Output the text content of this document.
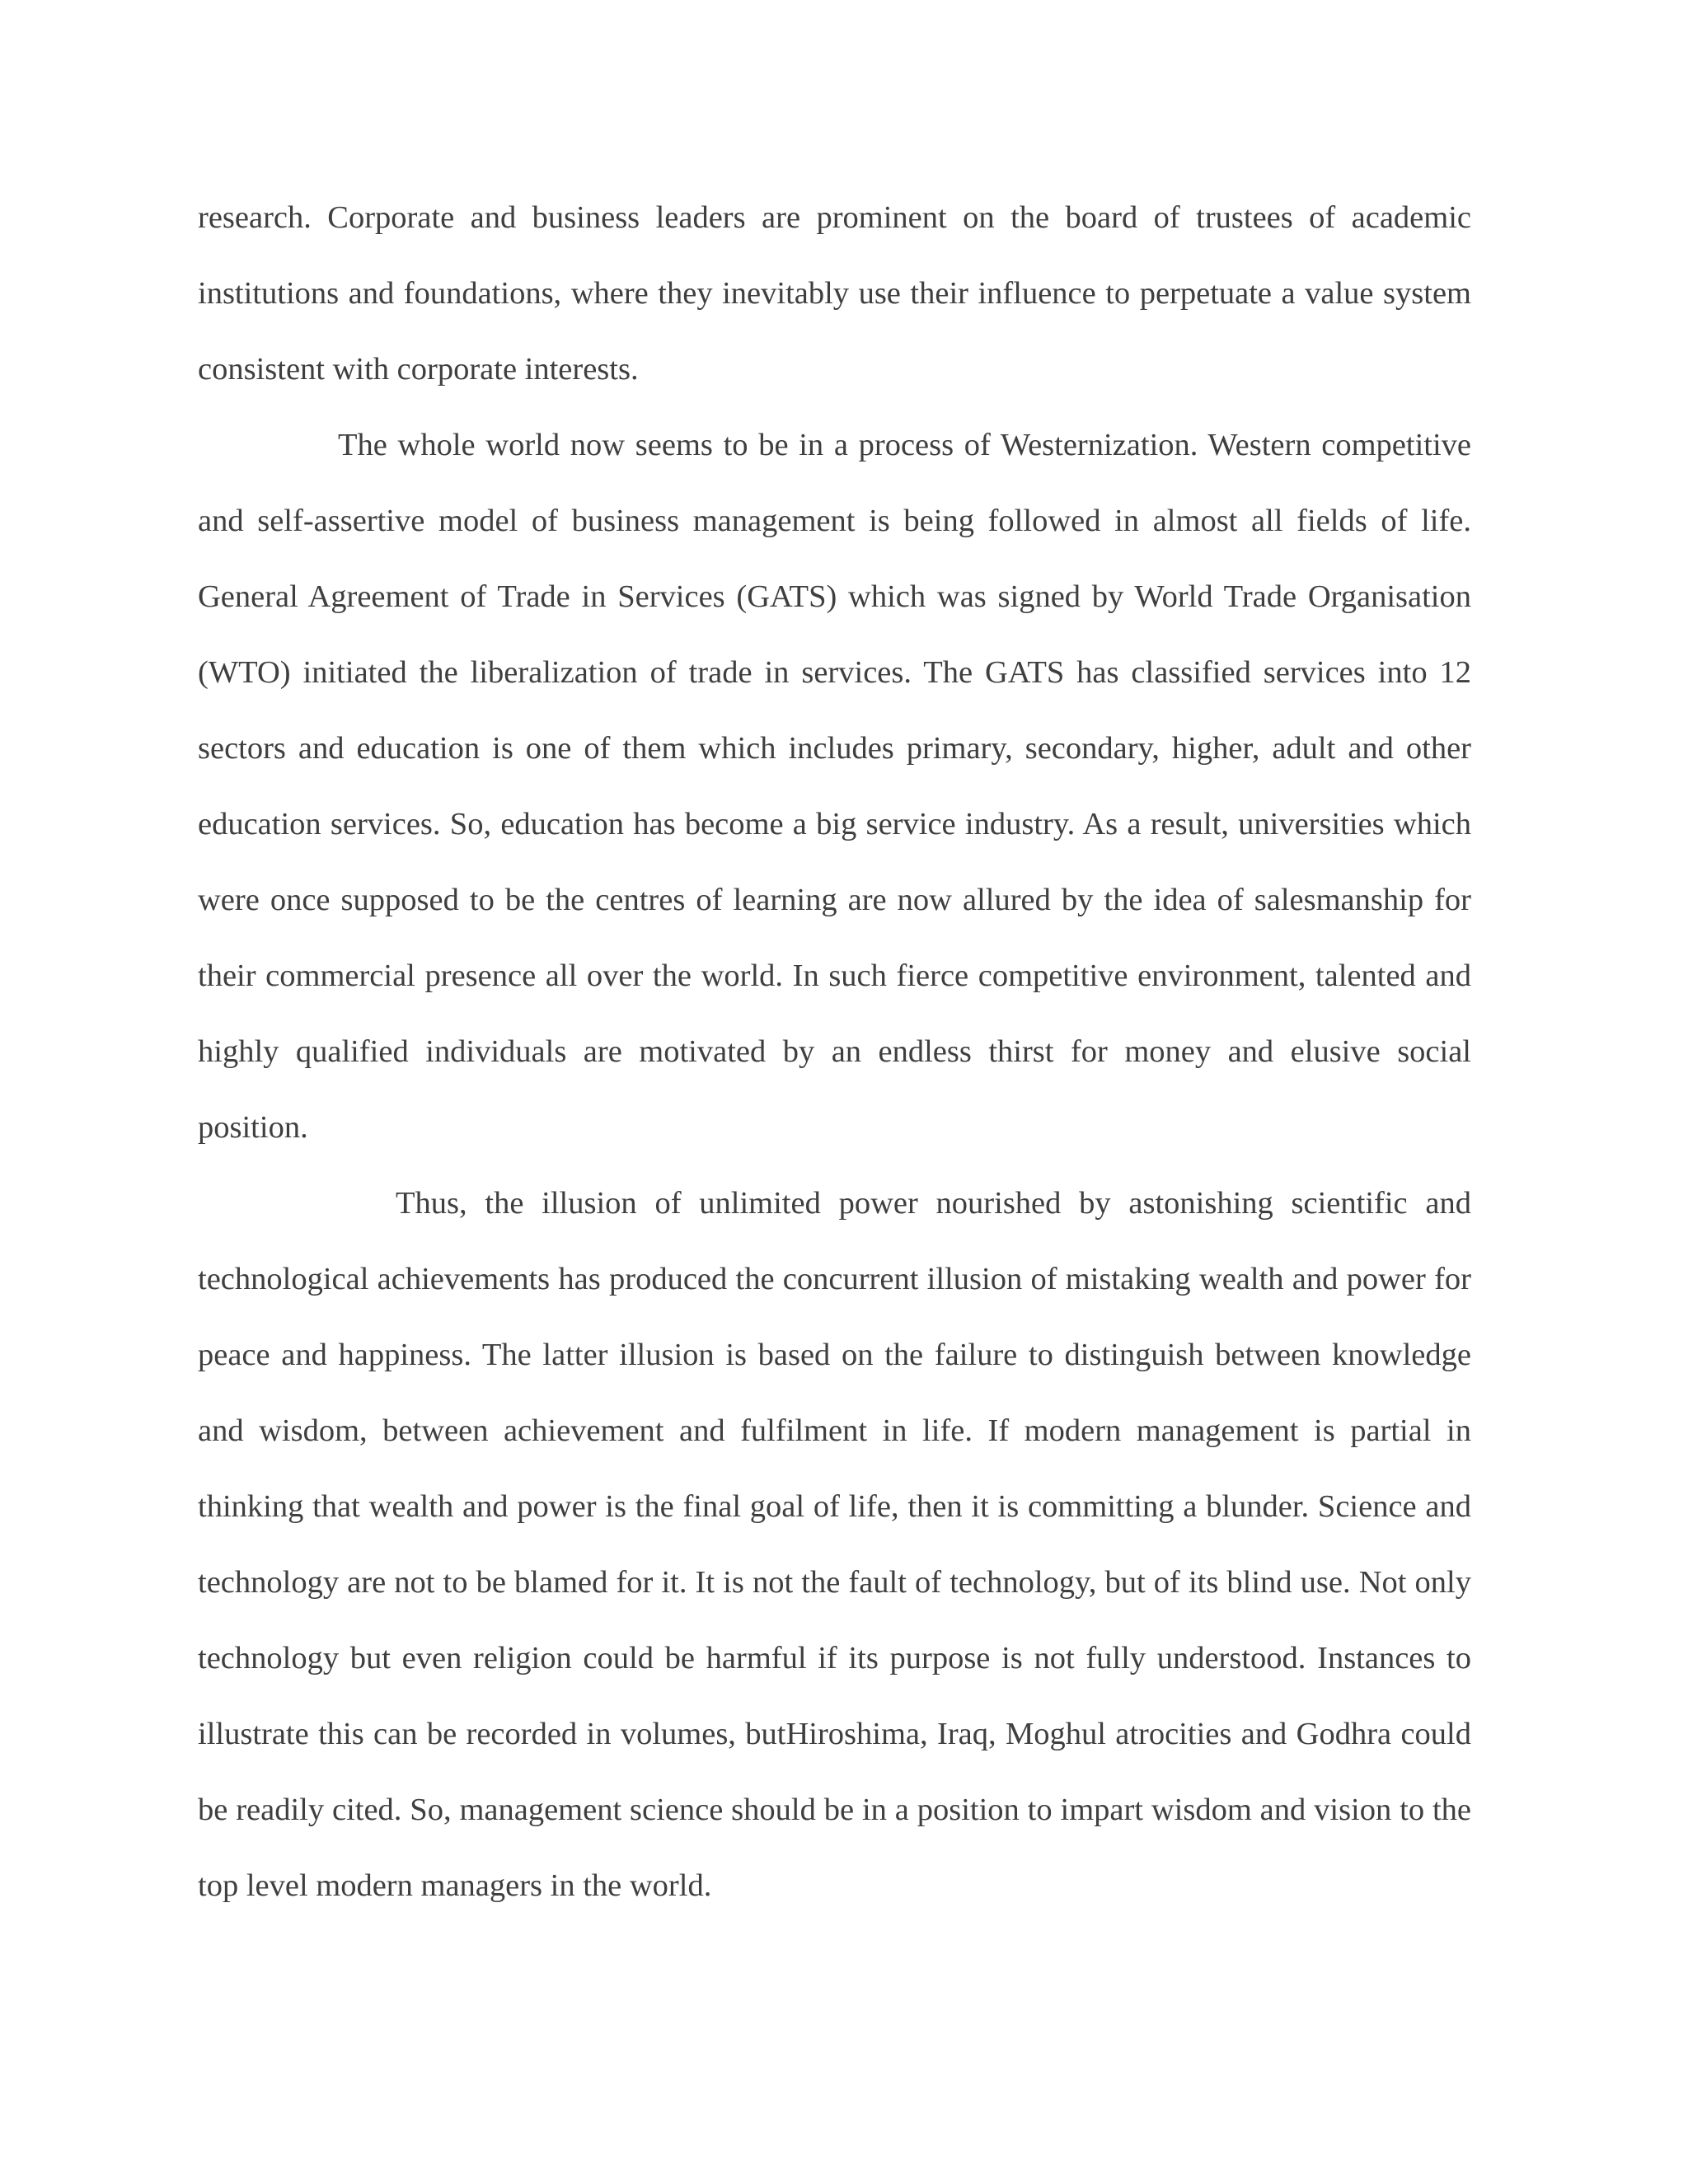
research. Corporate and business leaders are prominent on the board of trustees of academic institutions and foundations, where they inevitably use their influence to perpetuate a value system consistent with corporate interests.

The whole world now seems to be in a process of Westernization. Western competitive and self-assertive model of business management is being followed in almost all fields of life. General Agreement of Trade in Services (GATS) which was signed by World Trade Organisation (WTO) initiated the liberalization of trade in services. The GATS has classified services into 12 sectors and education is one of them which includes primary, secondary, higher, adult and other education services. So, education has become a big service industry. As a result, universities which were once supposed to be the centres of learning are now allured by the idea of salesmanship for their commercial presence all over the world. In such fierce competitive environment, talented and highly qualified individuals are motivated by an endless thirst for money and elusive social position.

Thus, the illusion of unlimited power nourished by astonishing scientific and technological achievements has produced the concurrent illusion of mistaking wealth and power for peace and happiness. The latter illusion is based on the failure to distinguish between knowledge and wisdom, between achievement and fulfilment in life. If modern management is partial in thinking that wealth and power is the final goal of life, then it is committing a blunder. Science and technology are not to be blamed for it. It is not the fault of technology, but of its blind use. Not only technology but even religion could be harmful if its purpose is not fully understood. Instances to illustrate this can be recorded in volumes, butHiroshima, Iraq, Moghul atrocities and Godhra could be readily cited. So, management science should be in a position to impart wisdom and vision to the top level modern managers in the world.
